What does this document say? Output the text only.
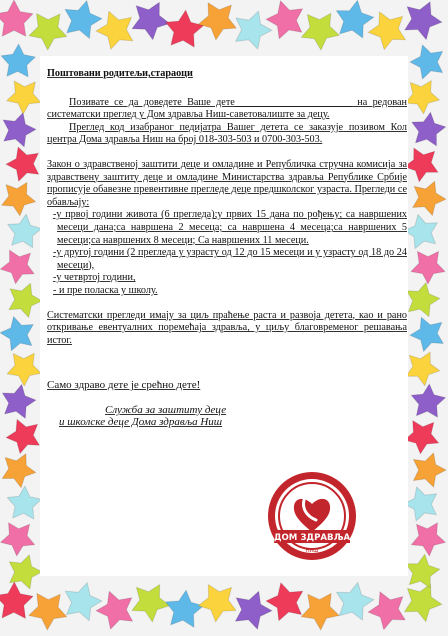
Поштовани родитељи,стараоци

Позивате се да доведете Ваше дете_______________________ на редован систематски преглед у Дом здравља Ниш-саветовалиште за децу.

Преглед код изабраног педијатра Вашег детета се заказује позивом Кол центра Дома здравља Ниш на број 018-303-503 и 0700-303-503.

Закон о здравственој заштити деце и омладине и Републичка стручна комисија за здравствену заштиту деце и омладине Министарства здравља Републике Србије прописује обавезне превентивне прегледе деце предшколског узраста. Прегледи се обављају:

-у првој години живота (6 прегледа);у првих 15 дана по рођењу; са навршених месеци дана;са навршена 2 месеца; са навршена 4 месеца;са навршених 5 месеци;са навршених 8 месеци; Са навршених 11 месеци.

-у другој години (2 прегледа у узрасту од 12 до 15 месеци и у узрасту од 18 до 24 месеци),

-у четвртој години,

- и пре поласка у школу.

Систематски прегледи имају за циљ праћење раста и развоја детета, као и рано откривање евентуалних поремећаја здравља, у циљу благовременог решавања истог.

Само здраво дете је срећно дете!

Служба за заштиту деце

и школске деце Дома здравља Ниш

ДОМ ЗДРАВЉА
НИШ
